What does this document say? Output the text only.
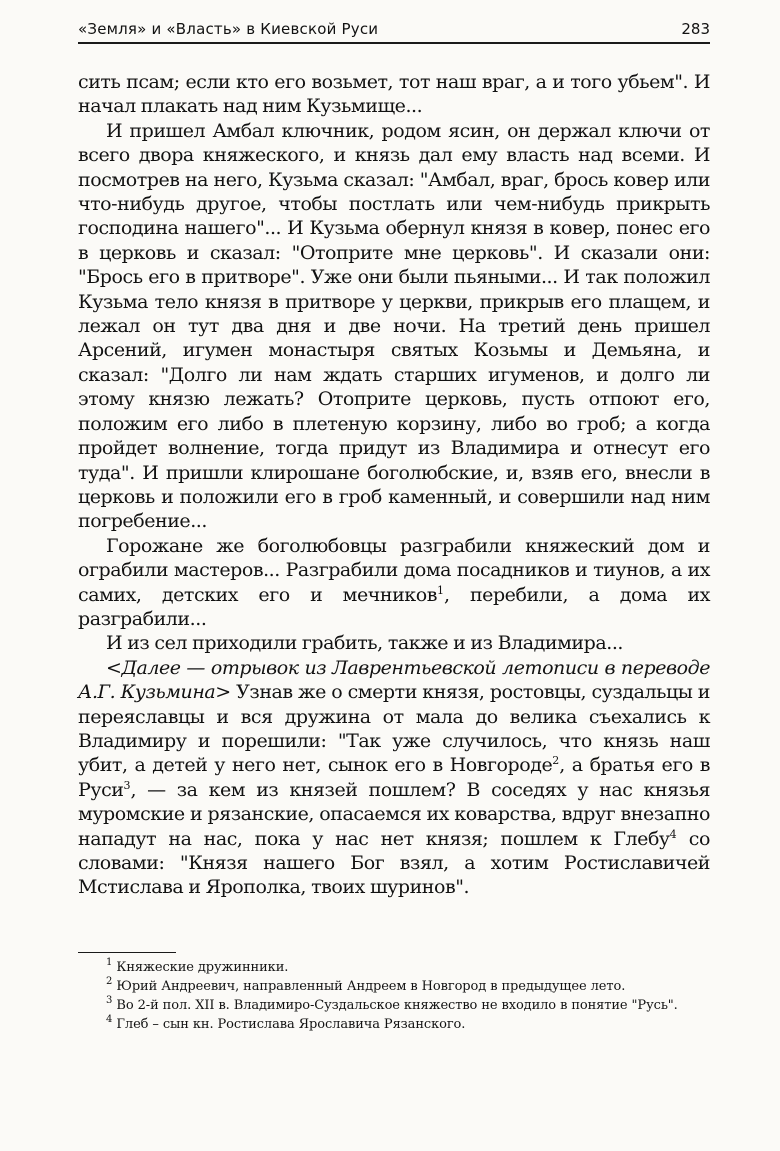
«Земля» и «Власть» в Киевской Руси	283

сить псам; если кто его возьмет, тот наш враг, а и того убьем". И начал плакать над ним Кузьмище...

И пришел Амбал ключник, родом ясин, он держал ключи от всего двора княжеского, и князь дал ему власть над всеми. И посмотрев на него, Кузьма сказал: "Амбал, враг, брось ковер или что-нибудь другое, чтобы постлать или чем-нибудь прикрыть господина нашего"... И Кузьма обернул князя в ковер, понес его в церковь и сказал: "Отоприте мне церковь". И сказали они: "Брось его в притворе". Уже они были пьяными... И так положил Кузьма тело князя в притворе у церкви, прикрыв его плащем, и лежал он тут два дня и две ночи. На третий день пришел Арсений, игумен монастыря святых Козьмы и Демьяна, и сказал: "Долго ли нам ждать старших игуменов, и долго ли этому князю лежать? Отоприте церковь, пусть отпоют его, положим его либо в плетеную корзину, либо во гроб; а когда пройдет волнение, тогда придут из Владимира и отнесут его туда". И пришли клирошане боголюбские, и, взяв его, внесли в церковь и положили его в гроб каменный, и совершили над ним погребение...

Горожане же боголюбовцы разграбили княжеский дом и ограбили мастеров... Разграбили дома посадников и тиунов, а их самих, детских его и мечников$^1$, перебили, а дома их разграбили...

И из сел приходили грабить, также и из Владимира...

<Далее — отрывок из Лаврентьевской летописи в переводе А.Г. Кузьмина> Узнав же о смерти князя, ростовцы, суздальцы и переяславцы и вся дружина от мала до велика съехались к Владимиру и порешили: "Так уже случилось, что князь наш убит, а детей у него нет, сынок его в Новгороде$^2$, а братья его в Руси$^3$, — за кем из князей пошлем? В соседях у нас князья муромские и рязанские, опасаемся их коварства, вдруг внезапно нападут на нас, пока у нас нет князя; пошлем к Глебу$^4$ со словами: "Князя нашего Бог взял, а хотим Ростиславичей Мстислава и Ярополка, твоих шуринов".

$^1$ Княжеские дружинники.

$^2$ Юрий Андреевич, направленный Андреем в Новгород в предыдущее лето.

$^3$ Во 2-й пол. XII в. Владимиро-Суздальское княжество не входило в понятие "Русь".

$^4$ Глеб – сын кн. Ростислава Ярославича Рязанского.
